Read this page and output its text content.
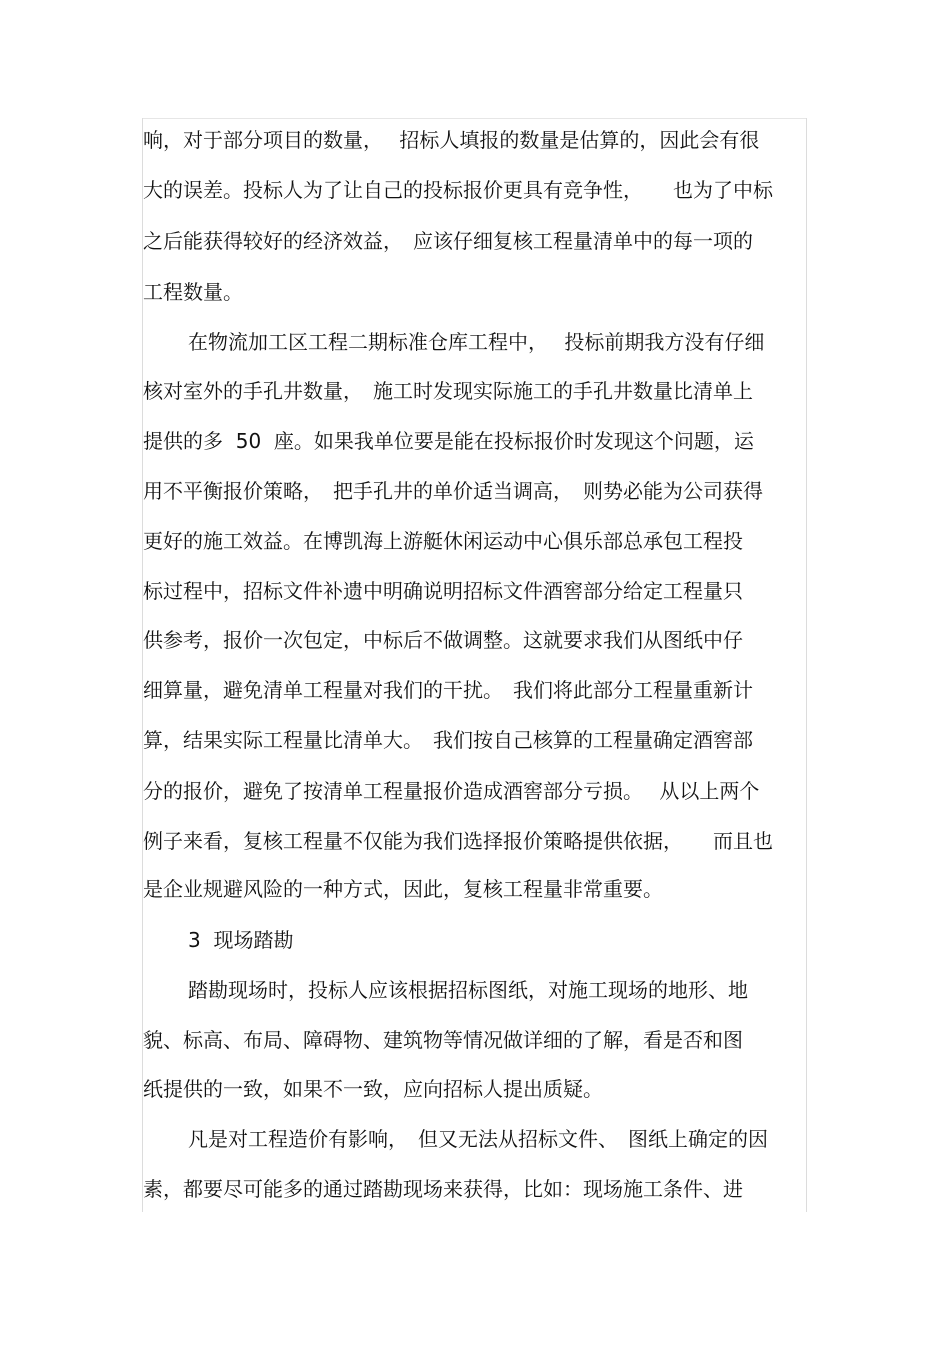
响，对于部分项目的数量，　 招标人填报的数量是估算的，因此会有很
大的误差。投标人为了让自己的投标报价更具有竞争性，　　也为了中标
之后能获得较好的经济效益，　应该仔细复核工程量清单中的每一项的
工程数量。
在物流加工区工程二期标准仓库工程中，　 投标前期我方没有仔细
核对室外的手孔井数量，　施工时发现实际施工的手孔井数量比清单上
提供的多  50  座。如果我单位要是能在投标报价时发现这个问题，运
用不平衡报价策略，　把手孔井的单价适当调高，　则势必能为公司获得
更好的施工效益。在博凯海上游艇休闲运动中心俱乐部总承包工程投
标过程中，招标文件补遗中明确说明招标文件酒窖部分给定工程量只
供参考，报价一次包定，中标后不做调整。这就要求我们从图纸中仔
细算量，避免清单工程量对我们的干扰。　我们将此部分工程量重新计
算，结果实际工程量比清单大。　我们按自己核算的工程量确定酒窖部
分的报价，避免了按清单工程量报价造成酒窖部分亏损。　 从以上两个
例子来看，复核工程量不仅能为我们选择报价策略提供依据，　　而且也
是企业规避风险的一种方式，因此，复核工程量非常重要。
3  现场踏勘
踏勘现场时，投标人应该根据招标图纸，对施工现场的地形、地
貌、标高、布局、障碍物、建筑物等情况做详细的了解，看是否和图
纸提供的一致，如果不一致，应向招标人提出质疑。
凡是对工程造价有影响，　但又无法从招标文件、　图纸上确定的因
素，都要尽可能多的通过踏勘现场来获得，比如：现场施工条件、进
